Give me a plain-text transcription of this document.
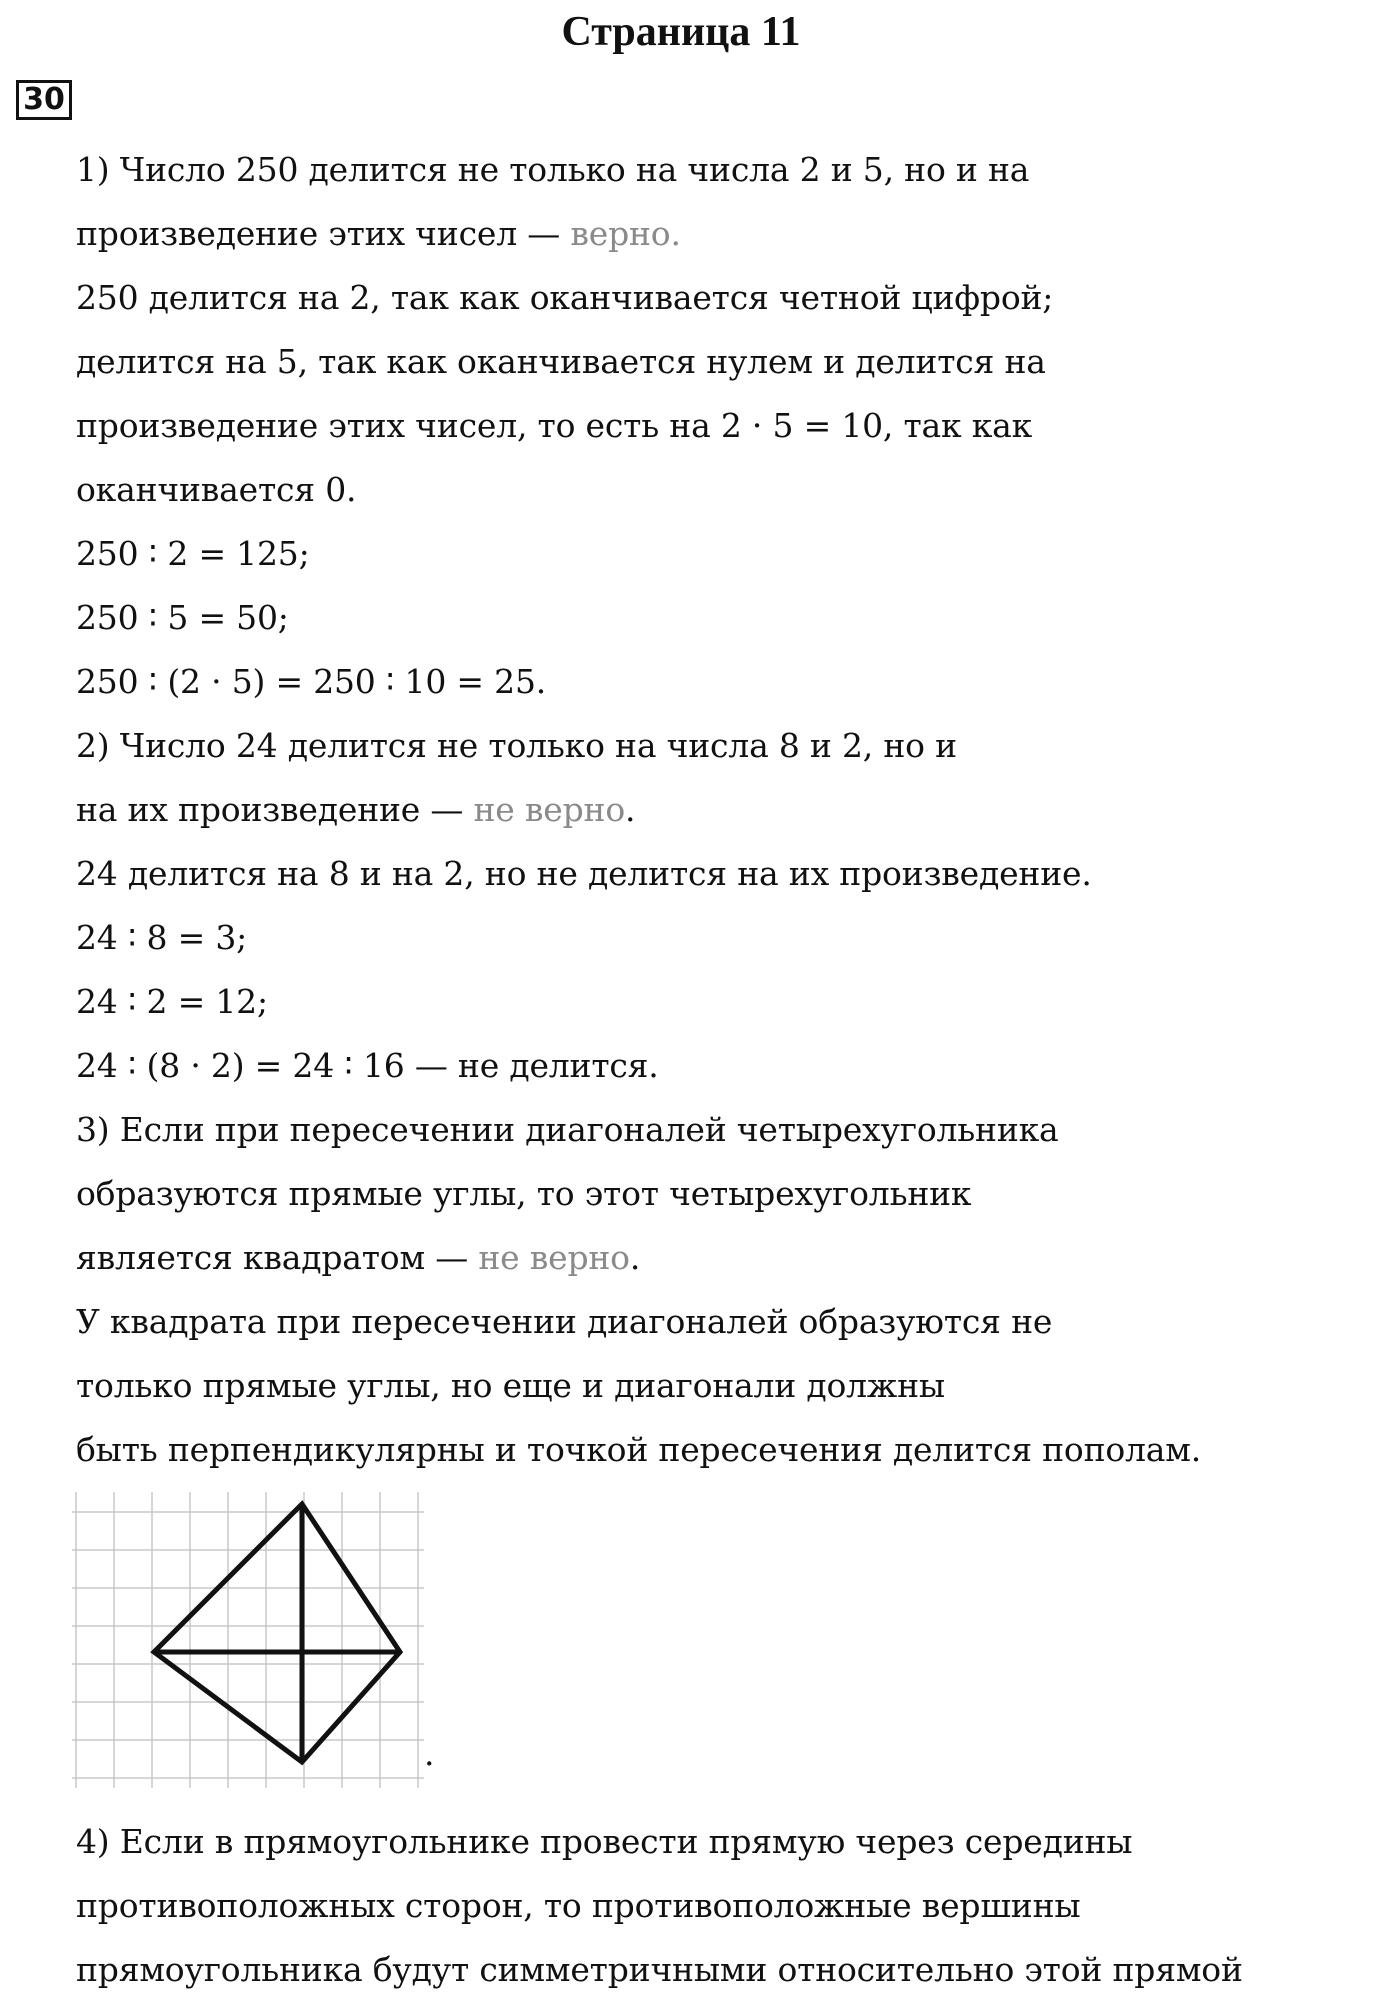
Страница 11
30
1) Число 250 делится не только на числа 2 и 5, но и на
произведение этих чисел — верно.
250 делится на 2, так как оканчивается четной цифрой;
делится на 5, так как оканчивается нулем и делится на
произведение этих чисел, то есть на 2 · 5 = 10, так как
оканчивается 0.
250 ∶ 2 = 125;
250 ∶ 5 = 50;
250 ∶ (2 · 5) = 250 ∶ 10 = 25.
2) Число 24 делится не только на числа 8 и 2, но и
на их произведение — не верно.
24 делится на 8 и на 2, но не делится на их произведение.
24 ∶ 8 = 3;
24 ∶ 2 = 12;
24 ∶ (8 · 2) = 24 ∶ 16 — не делится.
3) Если при пересечении диагоналей четырехугольника
образуются прямые углы, то этот четырехугольник
является квадратом — не верно.
У квадрата при пересечении диагоналей образуются не
только прямые углы, но еще и диагонали должны
быть перпендикулярны и точкой пересечения делится пополам.
.
4) Если в прямоугольнике провести прямую через середины
противоположных сторон, то противоположные вершины
прямоугольника будут симметричными относительно этой прямой
